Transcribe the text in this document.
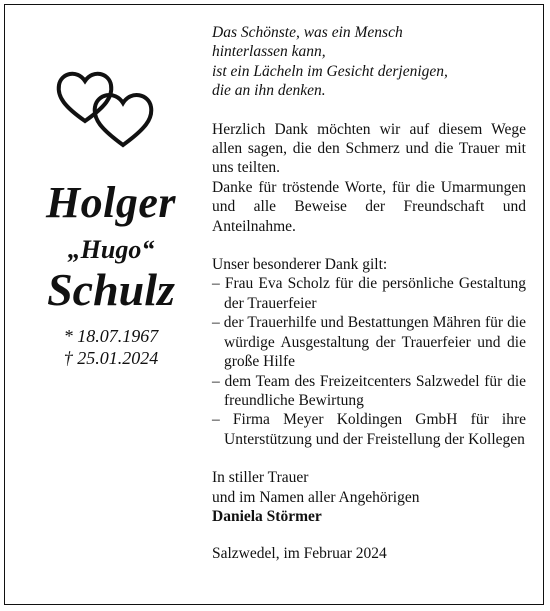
Holger
„Hugo“
Schulz
* 18.07.1967
† 25.01.2024
Das Schönste, was ein Mensch
hinterlassen kann,
ist ein Lächeln im Gesicht derjenigen,
die an ihn denken.

Herzlich Dank möchten wir auf diesem Wege allen sagen, die den Schmerz und die Trauer mit uns teilten.

Danke für tröstende Worte, für die Umarmungen und alle Beweise der Freundschaft und Anteilnahme.

Unser besonderer Dank gilt:

– Frau Eva Scholz für die persönliche Gestaltung der Trauerfeier
– der Trauerhilfe und Bestattungen Mähren für die würdige Ausgestaltung der Trauerfeier und die große Hilfe
– dem Team des Freizeitcenters Salzwedel für die freundliche Bewirtung
– Firma Meyer Koldingen GmbH für ihre Unterstützung und der Freistellung der Kollegen
In stiller Trauer
und im Namen aller Angehörigen
Daniela Störmer

Salzwedel, im Februar 2024
